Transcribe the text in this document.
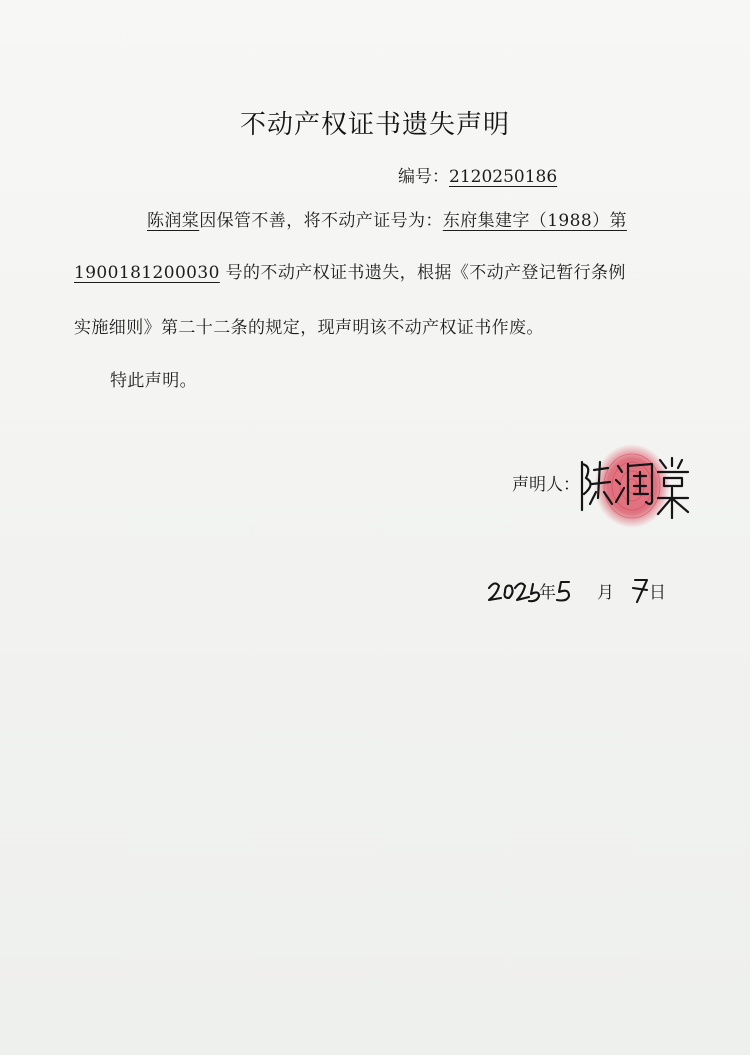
不动产权证书遗失声明
编号：2120250186
陈润棠因保管不善，将不动产证号为：东府集建字（1988）第
1900181200030 号的不动产权证书遗失，根据《不动产登记暂行条例
实施细则》第二十二条的规定，现声明该不动产权证书作废。
特此声明。
声明人：
陈润棠
年 月 日
